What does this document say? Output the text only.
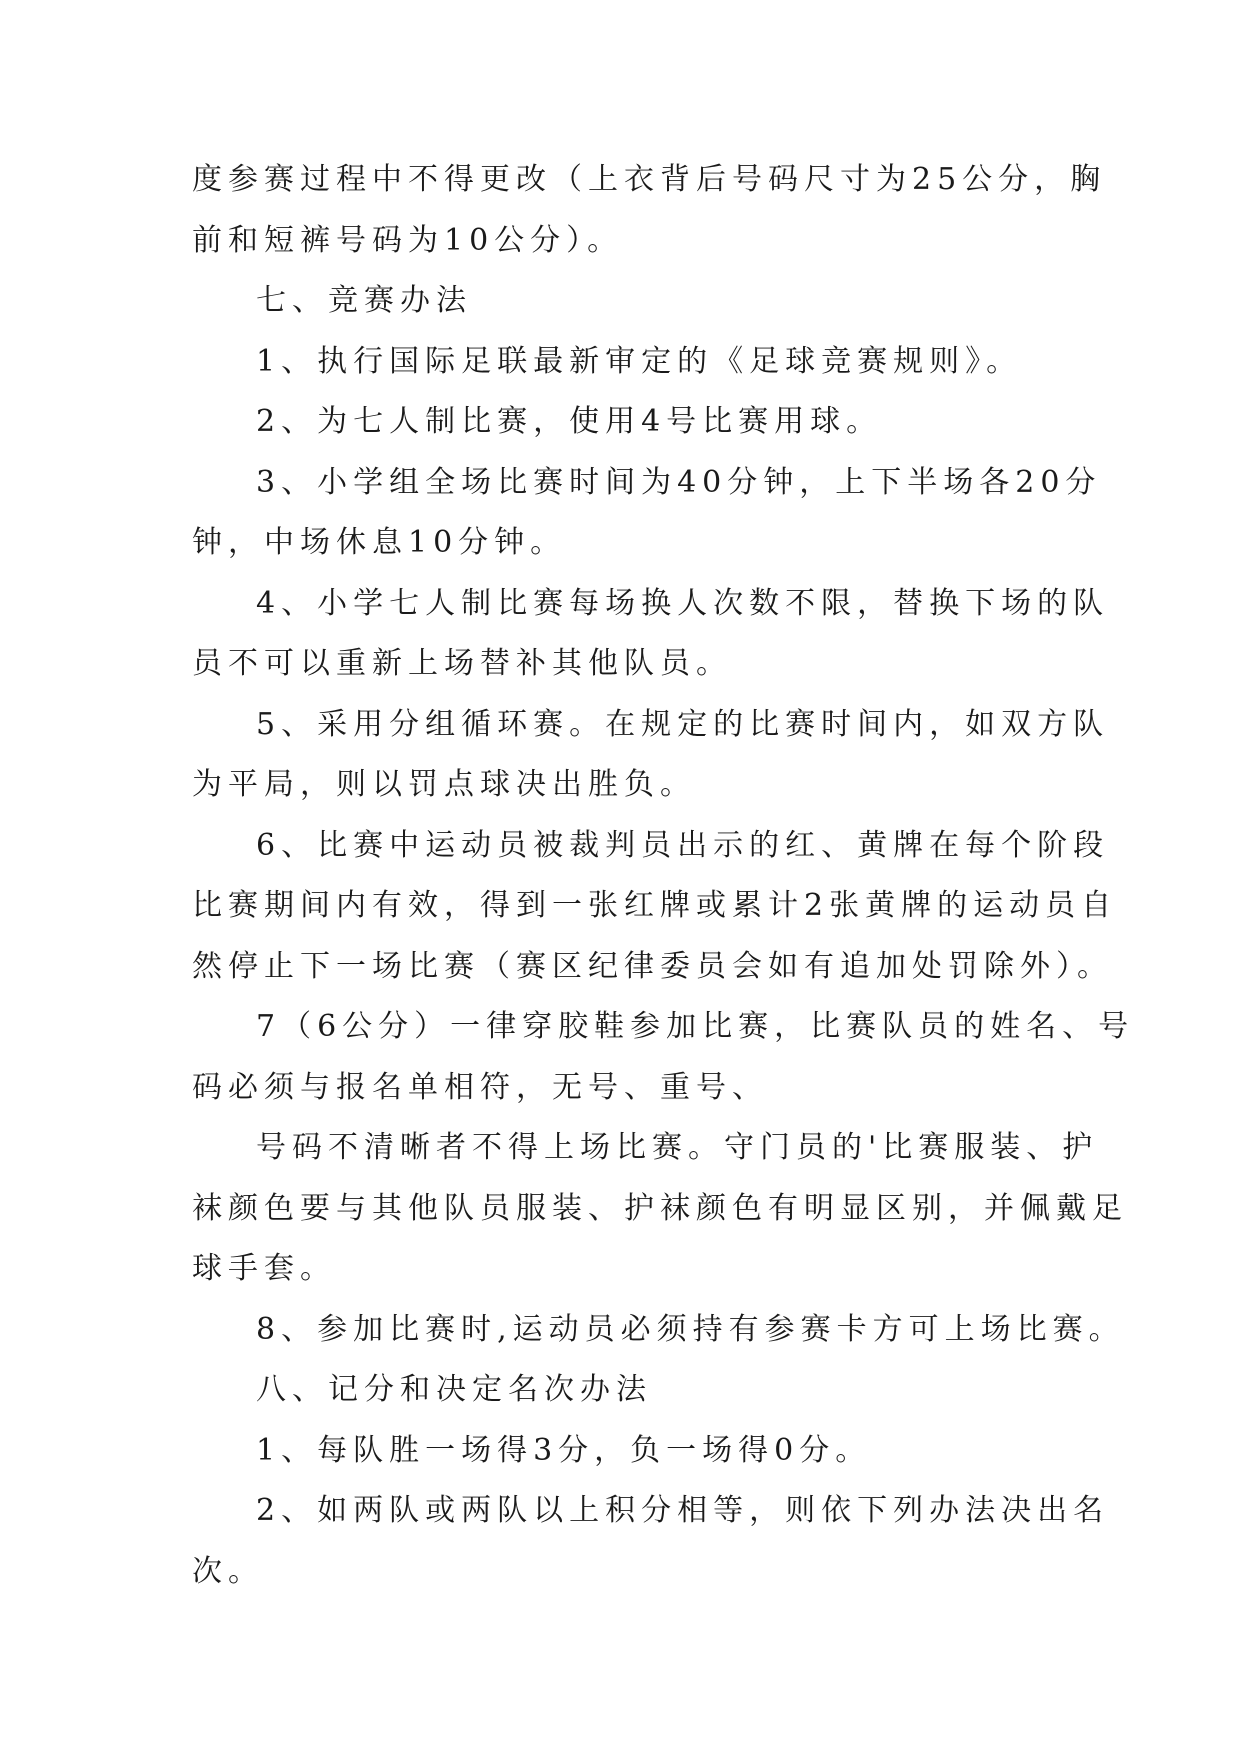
度参赛过程中不得更改（上衣背后号码尺寸为25公分，胸
前和短裤号码为10公分）。
七、竞赛办法
1、执行国际足联最新审定的《足球竞赛规则》。
2、为七人制比赛，使用4号比赛用球。
3、小学组全场比赛时间为40分钟，上下半场各20分
钟，中场休息10分钟。
4、小学七人制比赛每场换人次数不限，替换下场的队
员不可以重新上场替补其他队员。
5、采用分组循环赛。在规定的比赛时间内，如双方队
为平局，则以罚点球决出胜负。
6、比赛中运动员被裁判员出示的红、黄牌在每个阶段
比赛期间内有效，得到一张红牌或累计2张黄牌的运动员自
然停止下一场比赛（赛区纪律委员会如有追加处罚除外）。
7（6公分）一律穿胶鞋参加比赛，比赛队员的姓名、号
码必须与报名单相符，无号、重号、
号码不清晰者不得上场比赛。守门员的'比赛服装、护
袜颜色要与其他队员服装、护袜颜色有明显区别，并佩戴足
球手套。
8、参加比赛时,运动员必须持有参赛卡方可上场比赛。
八、记分和决定名次办法
1、每队胜一场得3分，负一场得0分。
2、如两队或两队以上积分相等，则依下列办法决出名
次。
